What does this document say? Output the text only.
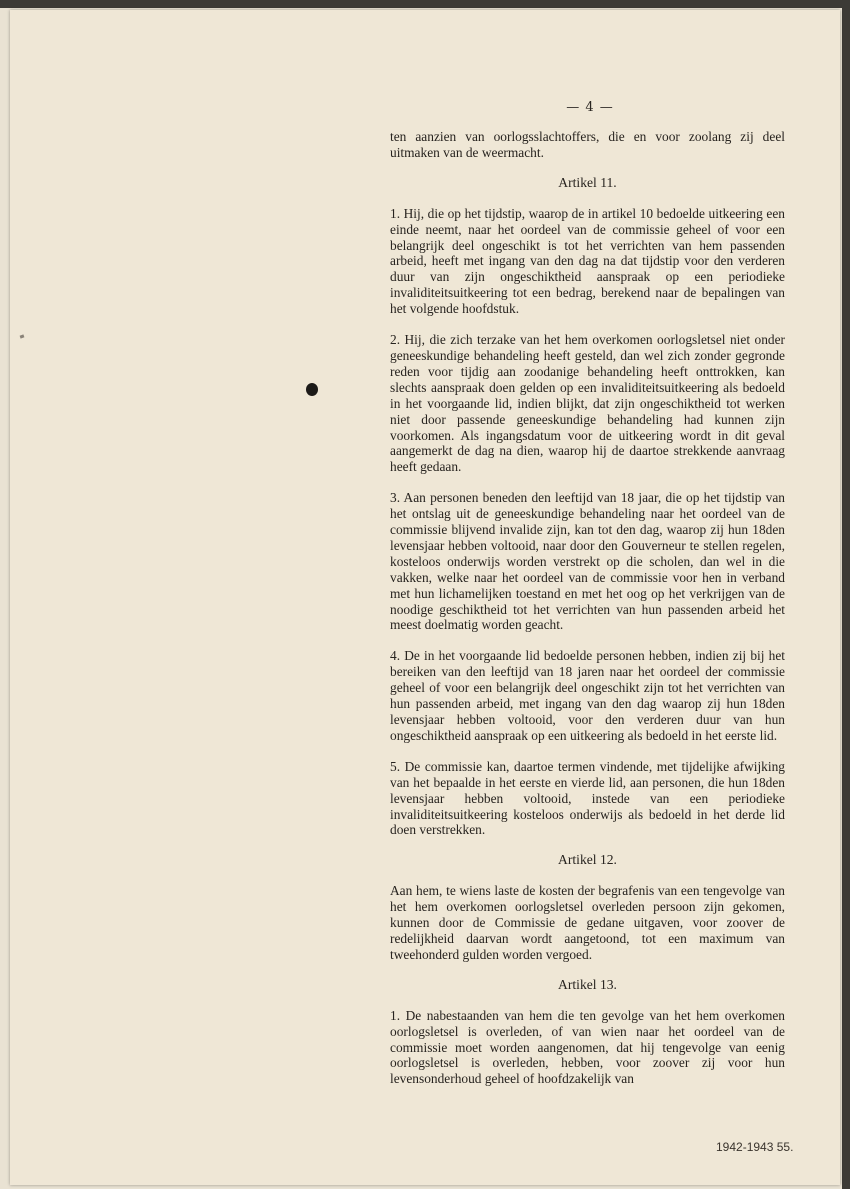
— 4 —

ten aanzien van oorlogsslachtoffers, die en voor zoolang zij deel uitmaken van de weermacht.

Artikel 11.

1. Hij, die op het tijdstip, waarop de in artikel 10 bedoelde uitkeering een einde neemt, naar het oordeel van de commissie geheel of voor een belangrijk deel ongeschikt is tot het verrichten van hem passenden arbeid, heeft met ingang van den dag na dat tijdstip voor den verderen duur van zijn ongeschiktheid aanspraak op een periodieke invaliditeitsuitkeering tot een bedrag, berekend naar de bepalingen van het volgende hoofdstuk.

2. Hij, die zich terzake van het hem overkomen oorlogsletsel niet onder geneeskundige behandeling heeft gesteld, dan wel zich zonder gegronde reden voor tijdig aan zoodanige behandeling heeft onttrokken, kan slechts aanspraak doen gelden op een invaliditeitsuitkeering als bedoeld in het voorgaande lid, indien blijkt, dat zijn ongeschiktheid tot werken niet door passende geneeskundige behandeling had kunnen zijn voorkomen. Als ingangsdatum voor de uitkeering wordt in dit geval aangemerkt de dag na dien, waarop hij de daartoe strekkende aanvraag heeft gedaan.

3. Aan personen beneden den leeftijd van 18 jaar, die op het tijdstip van het ontslag uit de geneeskundige behandeling naar het oordeel van de commissie blijvend invalide zijn, kan tot den dag, waarop zij hun 18den levensjaar hebben voltooid, naar door den Gouverneur te stellen regelen, kosteloos onderwijs worden verstrekt op die scholen, dan wel in die vakken, welke naar het oordeel van de commissie voor hen in verband met hun lichamelijken toestand en met het oog op het verkrijgen van de noodige geschiktheid tot het verrichten van hun passenden arbeid het meest doelmatig worden geacht.

4. De in het voorgaande lid bedoelde personen hebben, indien zij bij het bereiken van den leeftijd van 18 jaren naar het oordeel der commissie geheel of voor een belangrijk deel ongeschikt zijn tot het verrichten van hun passenden arbeid, met ingang van den dag waarop zij hun 18den levensjaar hebben voltooid, voor den verderen duur van hun ongeschiktheid aanspraak op een uitkeering als bedoeld in het eerste lid.

5. De commissie kan, daartoe termen vindende, met tijdelijke afwijking van het bepaalde in het eerste en vierde lid, aan personen, die hun 18den levensjaar hebben voltooid, instede van een periodieke invaliditeitsuitkeering kosteloos onderwijs als bedoeld in het derde lid doen verstrekken.

Artikel 12.

Aan hem, te wiens laste de kosten der begrafenis van een tengevolge van het hem overkomen oorlogsletsel overleden persoon zijn gekomen, kunnen door de Commissie de gedane uitgaven, voor zoover de redelijkheid daarvan wordt aangetoond, tot een maximum van tweehonderd gulden worden vergoed.

Artikel 13.

1. De nabestaanden van hem die ten gevolge van het hem overkomen oorlogsletsel is overleden, of van wien naar het oordeel van de commissie moet worden aangenomen, dat hij tengevolge van eenig oorlogsletsel is overleden, hebben, voor zoover zij voor hun levensonderhoud geheel of hoofdzakelijk van

1942-1943 55.
